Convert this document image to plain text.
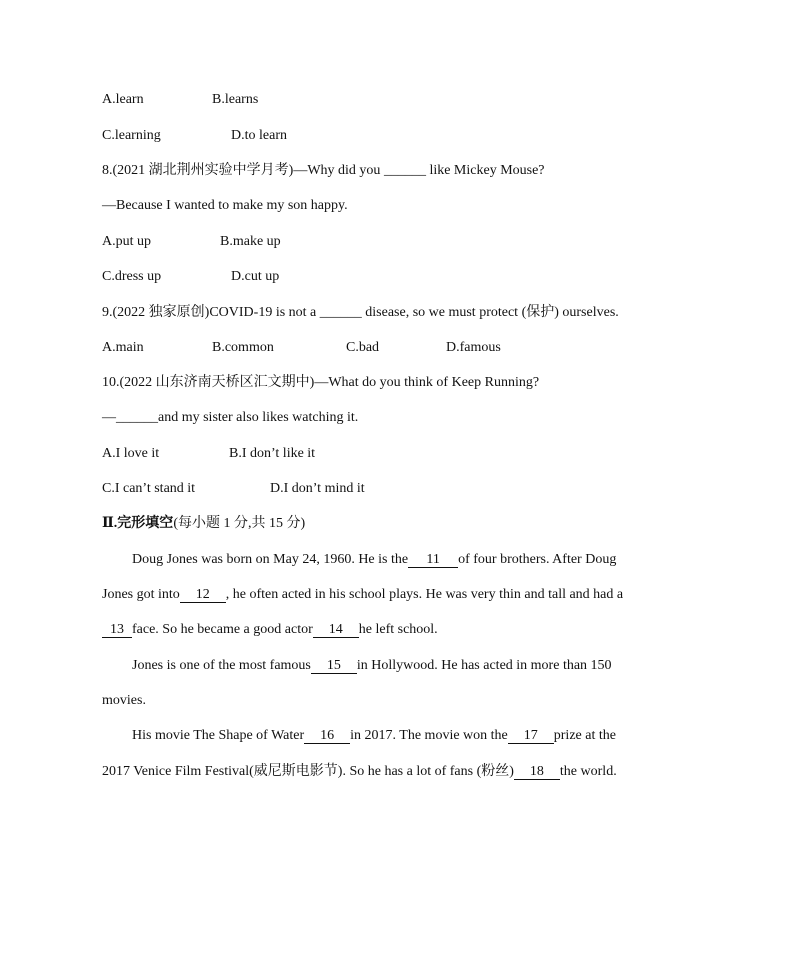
A.learn	B.learns
C.learning	D.to learn
8.(2021 湖北荆州实验中学月考)—Why did you ______ like Mickey Mouse?
—Because I wanted to make my son happy.
A.put up	B.make up
C.dress up	D.cut up
9.(2022 独家原创)COVID-19 is not a ______ disease, so we must protect (保护) ourselves.
A.main	B.common	C.bad	D.famous
10.(2022 山东济南天桥区汇文期中)—What do you think of Keep Running?
—______and my sister also likes watching it.
A.I love it	B.I don’t like it
C.I can’t stand it	D.I don’t mind it
Ⅱ.完形填空(每小题 1 分,共 15 分)
Doug Jones was born on May 24, 1960. He is the 11 of four brothers. After Doug
Jones got into 12 , he often acted in his school plays. He was very thin and tall and had a
13 face. So he became a good actor 14 he left school.
Jones is one of the most famous 15 in Hollywood. He has acted in more than 150
movies.
His movie The Shape of Water 16 in 2017. The movie won the 17 prize at the
2017 Venice Film Festival(威尼斯电影节). So he has a lot of fans (粉丝) 18 the world.
